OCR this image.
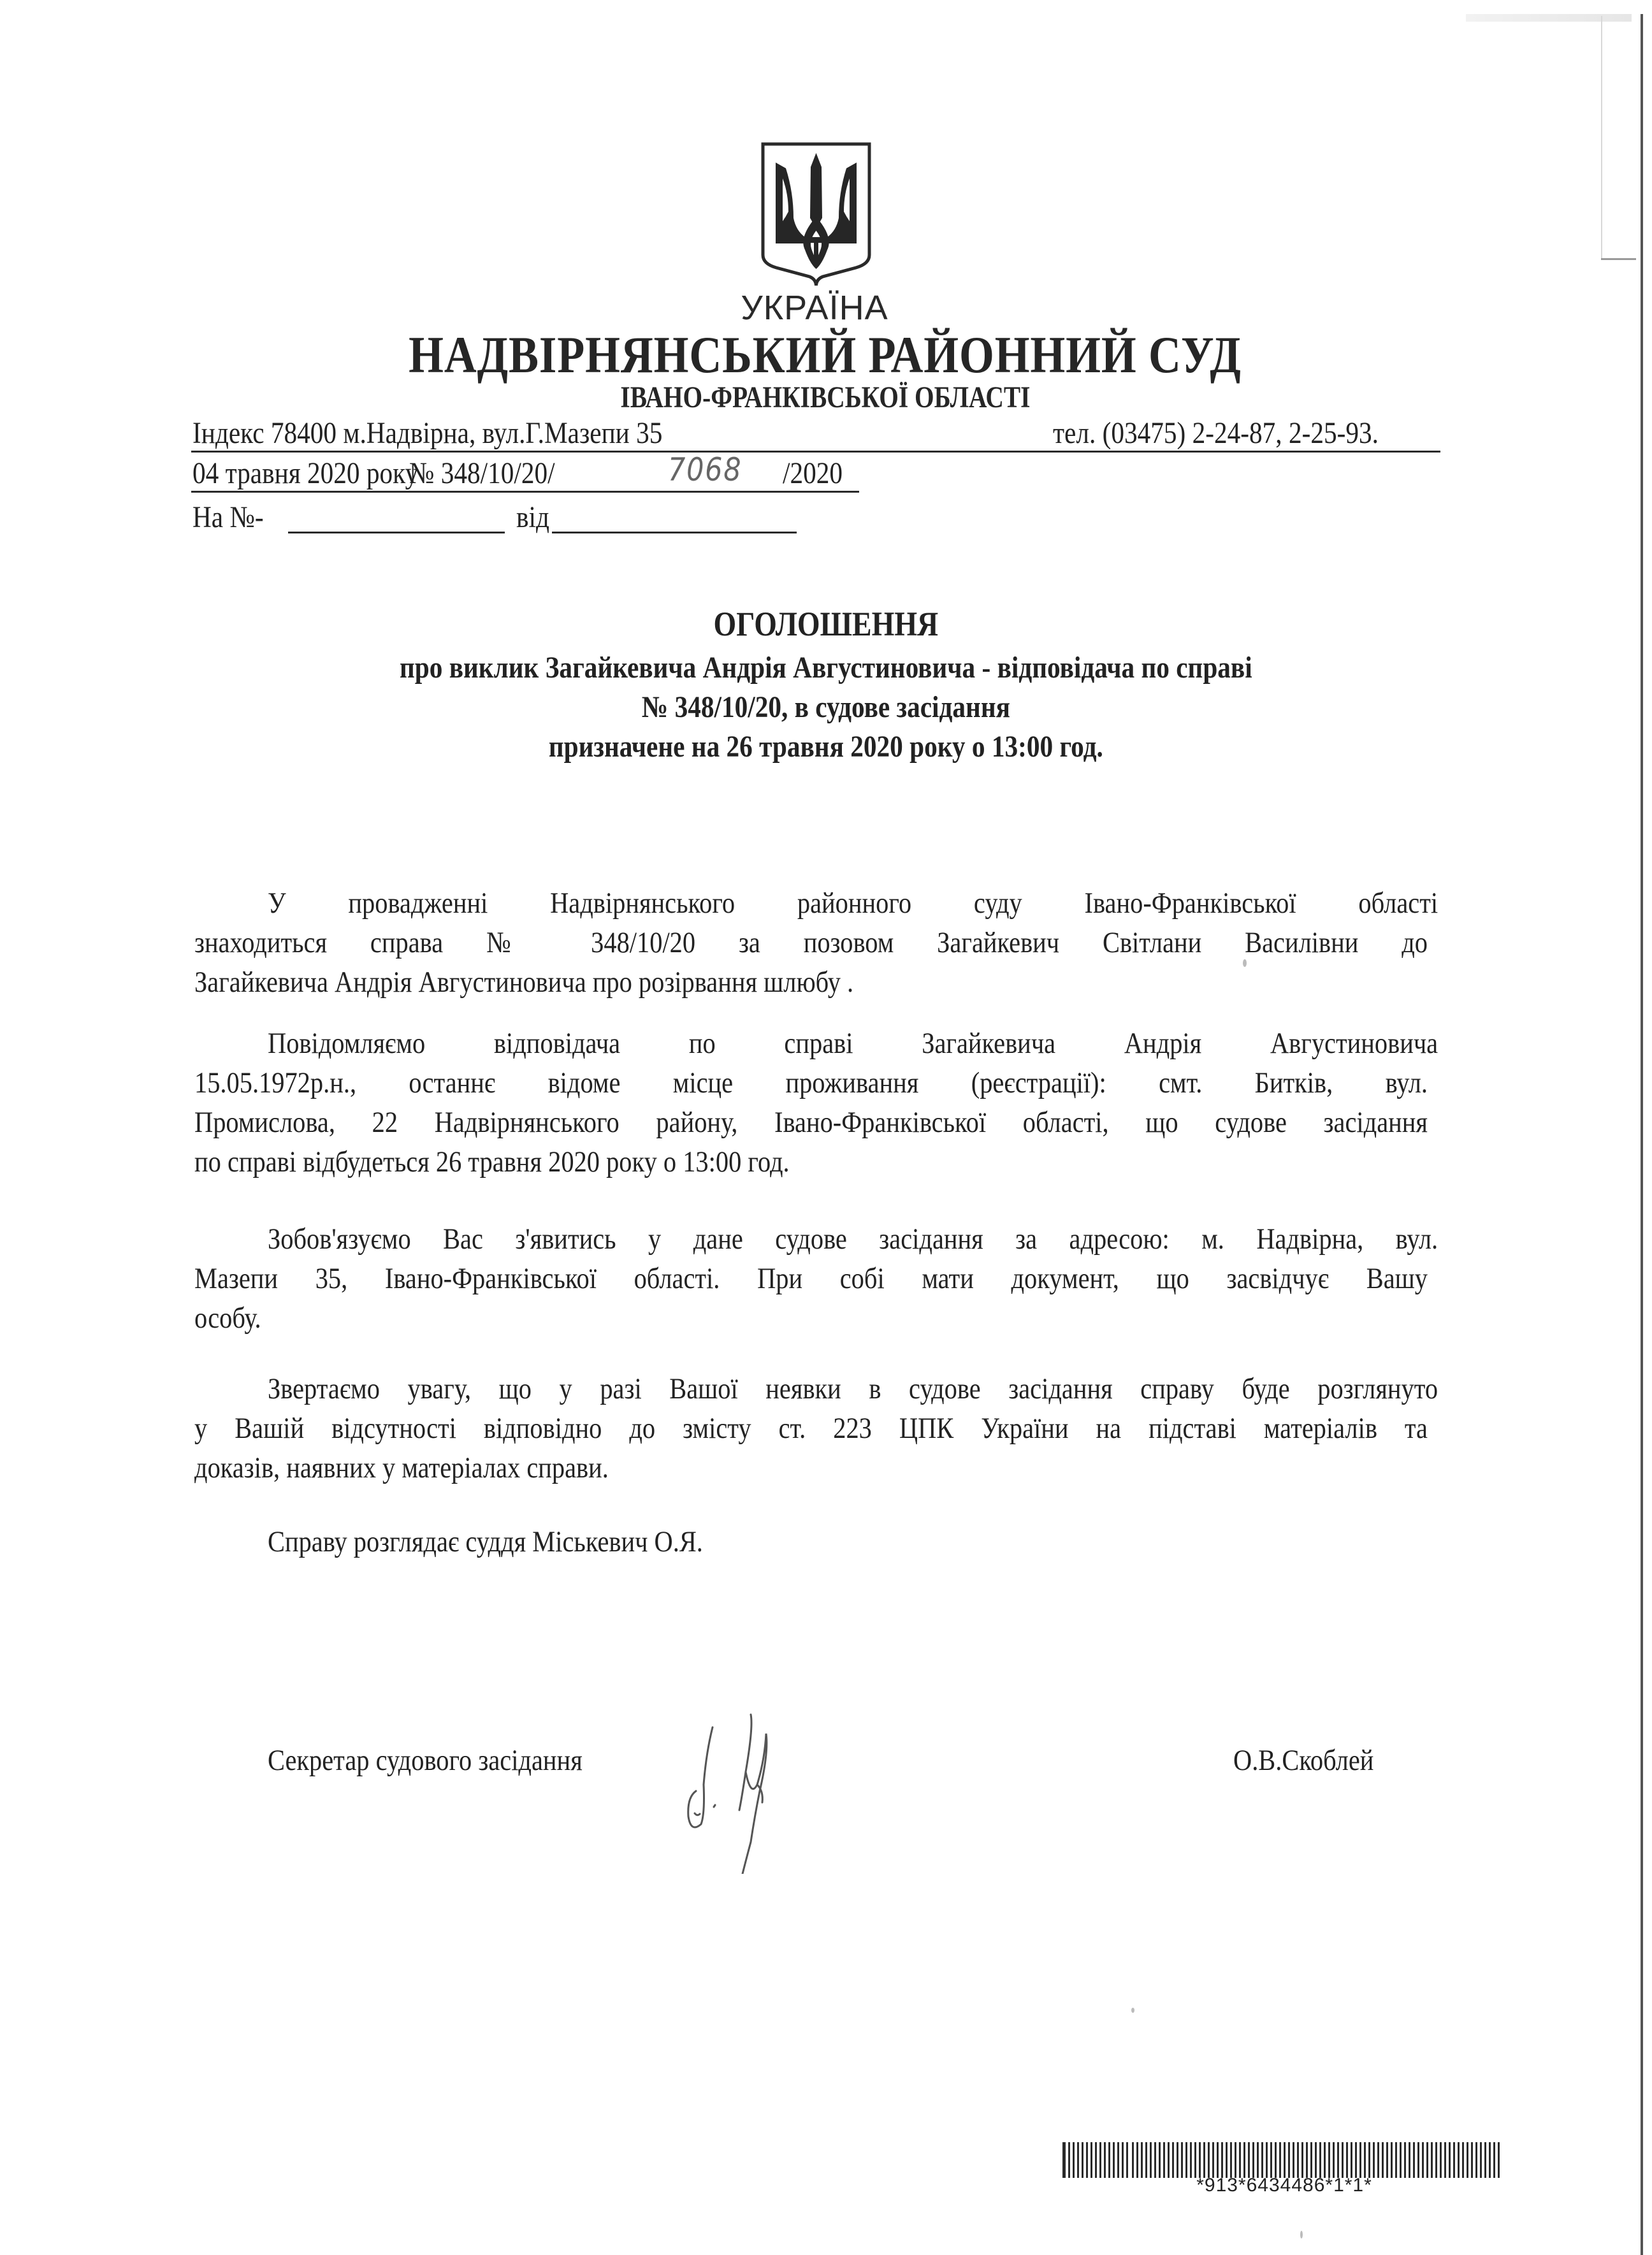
УКРАЇНА
НАДВІРНЯНСЬКИЙ РАЙОННИЙ СУД
ІВАНО-ФРАНКІВСЬКОЇ ОБЛАСТІ
Індекс 78400 м.Надвірна, вул.Г.Мазепи 35	тел. (03475) 2-24-87, 2-25-93.
04 травня 2020 року
№ 348/10/20/	7068 /2020
На №-	від
ОГОЛОШЕННЯ
про виклик Загайкевича Андрія Августиновича - відповідача по справі
№ 348/10/20, в судове засідання
призначене на 26 травня 2020 року о 13:00 год.
У провадженні Надвірнянського районного суду Івано-Франківської області
знаходиться справа № 348/10/20 за позовом Загайкевич Світлани Василівни до
Загайкевича Андрія Августиновича про розірвання шлюбу .
Повідомляємо відповідача по справі Загайкевича Андрія Августиновича
15.05.1972р.н., останнє відоме місце проживання (реєстрації): смт. Битків, вул.
Промислова, 22 Надвірнянського району, Івано-Франківської області, що судове засідання
по справі відбудеться 26 травня 2020 року о 13:00 год.
Зобов'язуємо Вас з'явитись у дане судове засідання за адресою: м. Надвірна, вул.
Мазепи 35, Івано-Франківської області. При собі мати документ, що засвідчує Вашу
особу.
Звертаємо увагу, що у разі Вашої неявки в судове засідання справу буде розглянуто
у Вашій відсутності відповідно до змісту ст. 223 ЦПК України на підставі матеріалів та
доказів, наявних у матеріалах справи.
Справу розглядає суддя Міськевич О.Я.
Секретар судового засідання	О.В.Скоблей
*913*6434486*1*1*
